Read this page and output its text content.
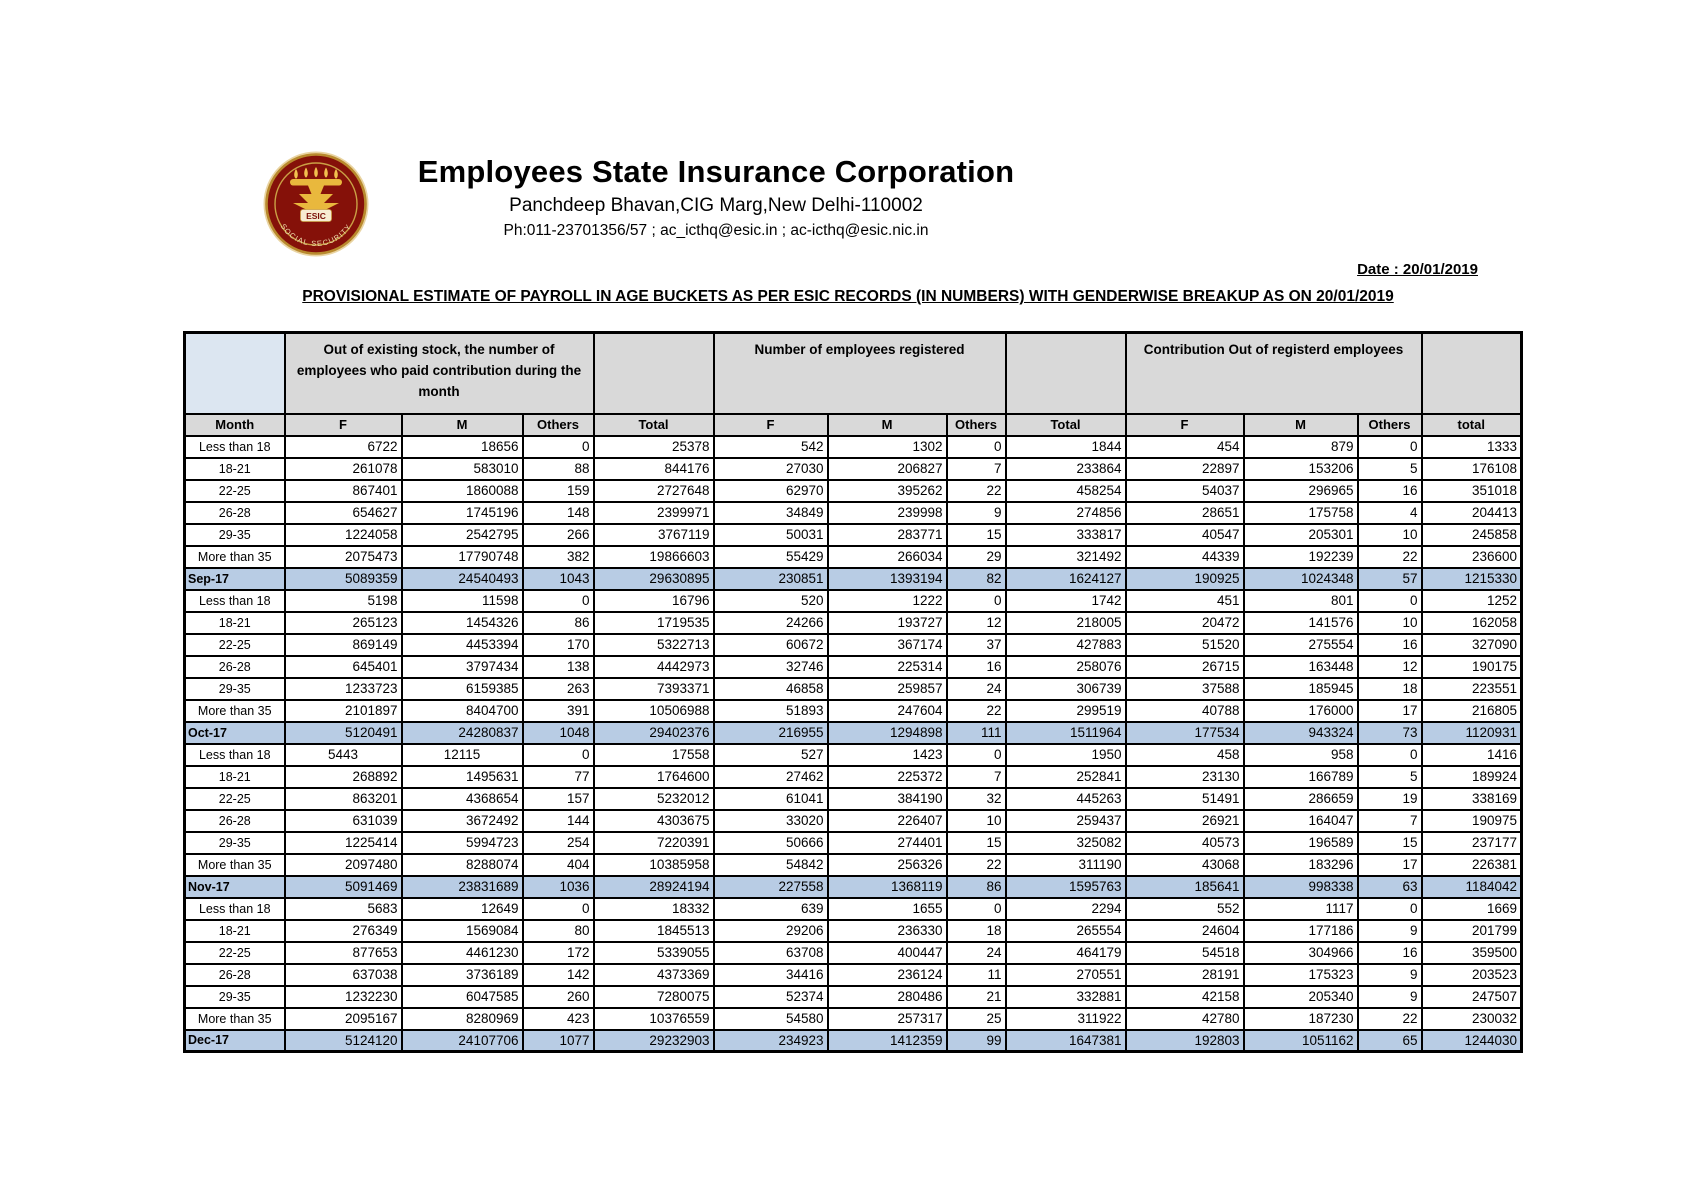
ESIC
SOCIAL SECURITY
Employees State Insurance Corporation
Panchdeep Bhavan,CIG Marg,New Delhi-110002
Ph:011-23701356/57 ; ac_icthq@esic.in ; ac-icthq@esic.nic.in
Date : 20/01/2019
PROVISIONAL ESTIMATE OF PAYROLL IN AGE BUCKETS AS PER ESIC RECORDS (IN NUMBERS) WITH GENDERWISE BREAKUP AS ON 20/01/2019
	Out of existing stock, the number of employees who paid contribution during the month				Number of employees registered				Contribution Out of registerd employees			
Month	F	M	Others	Total	F	M	Others	Total	F	M	Others	total
Less than 18	6722	18656	0	25378	542	1302	0	1844	454	879	0	1333
18-21	261078	583010	88	844176	27030	206827	7	233864	22897	153206	5	176108
22-25	867401	1860088	159	2727648	62970	395262	22	458254	54037	296965	16	351018
26-28	654627	1745196	148	2399971	34849	239998	9	274856	28651	175758	4	204413
29-35	1224058	2542795	266	3767119	50031	283771	15	333817	40547	205301	10	245858
More than 35	2075473	17790748	382	19866603	55429	266034	29	321492	44339	192239	22	236600
Sep-17	5089359	24540493	1043	29630895	230851	1393194	82	1624127	190925	1024348	57	1215330
Less than 18	5198	11598	0	16796	520	1222	0	1742	451	801	0	1252
18-21	265123	1454326	86	1719535	24266	193727	12	218005	20472	141576	10	162058
22-25	869149	4453394	170	5322713	60672	367174	37	427883	51520	275554	16	327090
26-28	645401	3797434	138	4442973	32746	225314	16	258076	26715	163448	12	190175
29-35	1233723	6159385	263	7393371	46858	259857	24	306739	37588	185945	18	223551
More than 35	2101897	8404700	391	10506988	51893	247604	22	299519	40788	176000	17	216805
Oct-17	5120491	24280837	1048	29402376	216955	1294898	111	1511964	177534	943324	73	1120931
Less than 18	5443	12115	0	17558	527	1423	0	1950	458	958	0	1416
18-21	268892	1495631	77	1764600	27462	225372	7	252841	23130	166789	5	189924
22-25	863201	4368654	157	5232012	61041	384190	32	445263	51491	286659	19	338169
26-28	631039	3672492	144	4303675	33020	226407	10	259437	26921	164047	7	190975
29-35	1225414	5994723	254	7220391	50666	274401	15	325082	40573	196589	15	237177
More than 35	2097480	8288074	404	10385958	54842	256326	22	311190	43068	183296	17	226381
Nov-17	5091469	23831689	1036	28924194	227558	1368119	86	1595763	185641	998338	63	1184042
Less than 18	5683	12649	0	18332	639	1655	0	2294	552	1117	0	1669
18-21	276349	1569084	80	1845513	29206	236330	18	265554	24604	177186	9	201799
22-25	877653	4461230	172	5339055	63708	400447	24	464179	54518	304966	16	359500
26-28	637038	3736189	142	4373369	34416	236124	11	270551	28191	175323	9	203523
29-35	1232230	6047585	260	7280075	52374	280486	21	332881	42158	205340	9	247507
More than 35	2095167	8280969	423	10376559	54580	257317	25	311922	42780	187230	22	230032
Dec-17	5124120	24107706	1077	29232903	234923	1412359	99	1647381	192803	1051162	65	1244030
